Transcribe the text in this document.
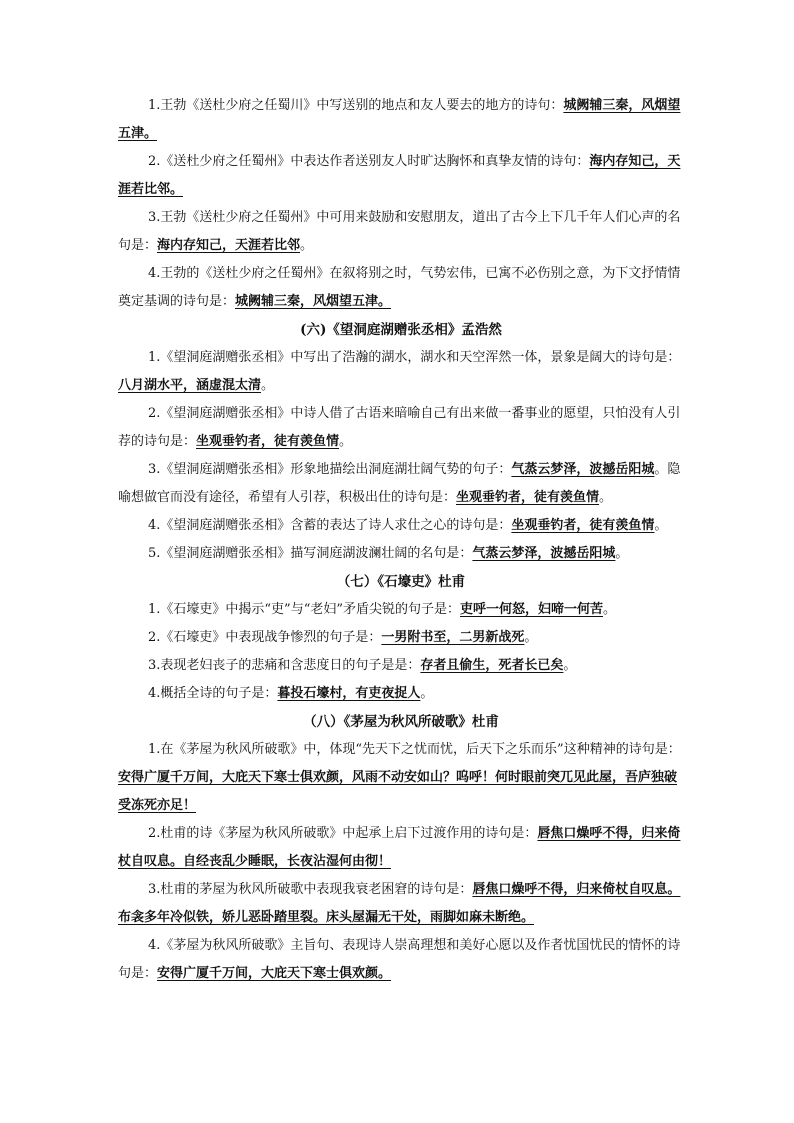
1.王勃《送杜少府之任蜀川》中写送别的地点和友人要去的地方的诗句：城阙辅三秦，风烟望五津。

2.《送杜少府之任蜀州》中表达作者送别友人时旷达胸怀和真挚友情的诗句：海内存知己，天涯若比邻。

3.王勃《送杜少府之任蜀州》中可用来鼓励和安慰朋友，道出了古今上下几千年人们心声的名句是：海内存知己，天涯若比邻。

4.王勃的《送杜少府之任蜀州》在叙将别之时，气势宏伟，已寓不必伤别之意，为下文抒情情奠定基调的诗句是：城阙辅三秦，风烟望五津。

(六)《望洞庭湖赠张丞相》孟浩然

1.《望洞庭湖赠张丞相》中写出了浩瀚的湖水，湖水和天空浑然一体，景象是阔大的诗句是：八月湖水平，涵虚混太清。

2.《望洞庭湖赠张丞相》中诗人借了古语来暗喻自己有出来做一番事业的愿望，只怕没有人引荐的诗句是：坐观垂钓者，徒有羡鱼情。

3.《望洞庭湖赠张丞相》形象地描绘出洞庭湖壮阔气势的句子：气蒸云梦泽，波撼岳阳城。隐喻想做官而没有途径，希望有人引荐，积极出仕的诗句是：坐观垂钓者，徒有羡鱼情。

4.《望洞庭湖赠张丞相》含蓄的表达了诗人求仕之心的诗句是：坐观垂钓者，徒有羡鱼情。

5.《望洞庭湖赠张丞相》描写洞庭湖波澜壮阔的名句是：气蒸云梦泽，波撼岳阳城。

（七）《石壕吏》杜甫

1.《石壕吏》中揭示“吏”与“老妇”矛盾尖锐的句子是：吏呼一何怒，妇啼一何苦。

2.《石壕吏》中表现战争惨烈的句子是：一男附书至，二男新战死。

3.表现老妇丧子的悲痛和含悲度日的句子是是：存者且偷生，死者长已矣。

4.概括全诗的句子是：暮投石壕村，有吏夜捉人。

（八）《茅屋为秋风所破歌》杜甫

1.在《茅屋为秋风所破歌》中，体现“先天下之忧而忧，后天下之乐而乐”这种精神的诗句是：安得广厦千万间，大庇天下寒士俱欢颜，风雨不动安如山？呜呼！何时眼前突兀见此屋，吾庐独破受冻死亦足！

2.杜甫的诗《茅屋为秋风所破歌》中起承上启下过渡作用的诗句是：唇焦口燥呼不得，归来倚杖自叹息。自经丧乱少睡眠，长夜沾湿何由彻！

3.杜甫的茅屋为秋风所破歌中表现我衰老困窘的诗句是：唇焦口燥呼不得，归来倚杖自叹息。布衾多年冷似铁，娇儿恶卧踏里裂。床头屋漏无干处，雨脚如麻未断绝。

4.《茅屋为秋风所破歌》主旨句、表现诗人崇高理想和美好心愿以及作者忧国忧民的情怀的诗句是：安得广厦千万间，大庇天下寒士俱欢颜。
